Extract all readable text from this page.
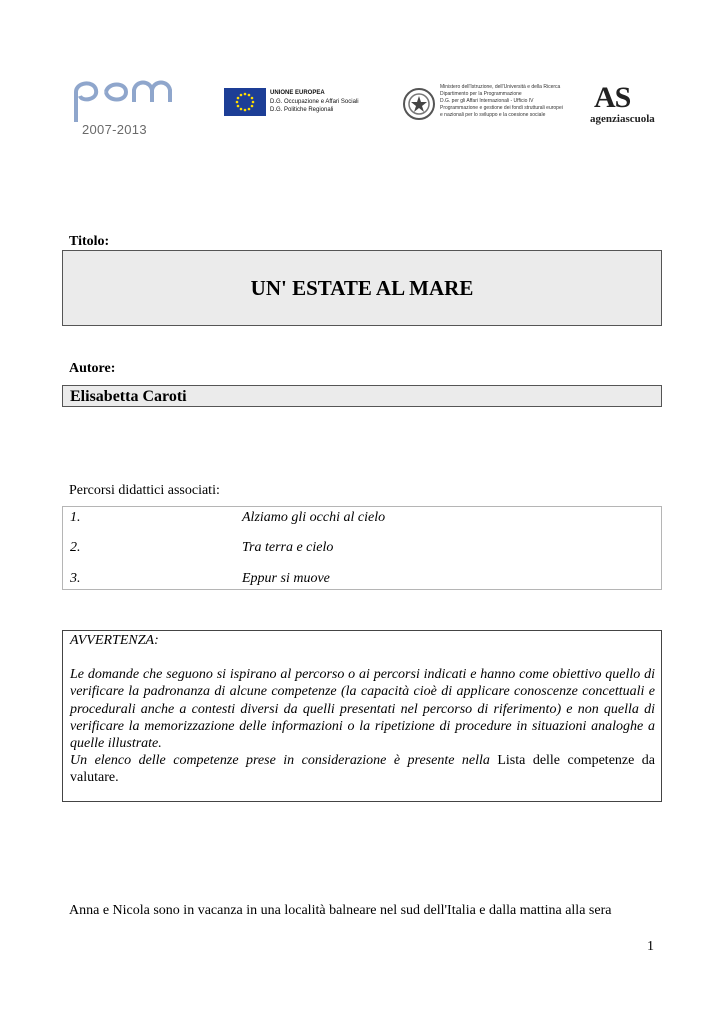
2007-2013
UNIONE EUROPEA
D.G. Occupazione e Affari Sociali
D.G. Politiche Regionali
Ministero dell'Istruzione, dell'Università e della Ricerca
Dipartimento per la Programmazione
D.G. per gli Affari Internazionali - Ufficio IV
Programmazione e gestione dei fondi strutturali europei
e nazionali per lo sviluppo e la coesione sociale
AS
agenziascuola
Titolo:
UN' ESTATE AL MARE
Autore:
Elisabetta Caroti
Percorsi didattici associati:
1.	Alziamo gli occhi al cielo
2.	Tra terra e cielo
3.	Eppur si muove

AVVERTENZA:

Le domande che seguono si ispirano al percorso o ai percorsi indicati e hanno come obiettivo quello di verificare la padronanza di alcune competenze (la capacità cioè di applicare conoscenze concettuali e procedurali anche a contesti diversi da quelli presentati nel percorso di riferimento) e non quella di verificare la memorizzazione delle informazioni o la ripetizione di procedure in situazioni analoghe a quelle illustrate.

Un elenco delle competenze prese in considerazione è presente nella Lista delle competenze da valutare.

Anna e Nicola sono in vacanza in una località balneare nel sud dell'Italia e dalla mattina alla sera
1
